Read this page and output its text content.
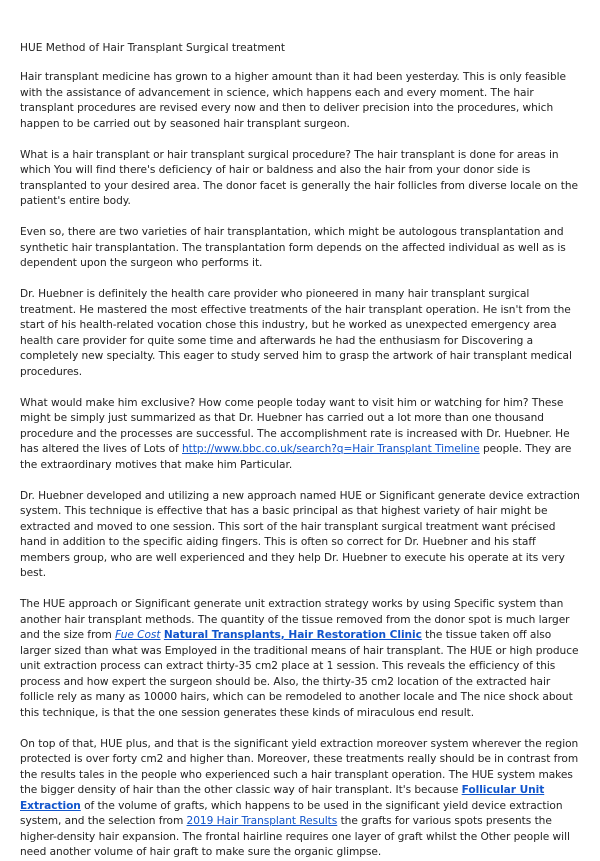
HUE Method of Hair Transplant Surgical treatment

Hair transplant medicine has grown to a higher amount than it had been yesterday. This is only feasible with the assistance of advancement in science, which happens each and every moment. The hair transplant procedures are revised every now and then to deliver precision into the procedures, which happen to be carried out by seasoned hair transplant surgeon.

What is a hair transplant or hair transplant surgical procedure? The hair transplant is done for areas in which You will find there's deficiency of hair or baldness and also the hair from your donor side is transplanted to your desired area. The donor facet is generally the hair follicles from diverse locale on the patient's entire body.

Even so, there are two varieties of hair transplantation, which might be autologous transplantation and synthetic hair transplantation. The transplantation form depends on the affected individual as well as is dependent upon the surgeon who performs it.

Dr. Huebner is definitely the health care provider who pioneered in many hair transplant surgical treatment. He mastered the most effective treatments of the hair transplant operation. He isn't from the start of his health-related vocation chose this industry, but he worked as unexpected emergency area health care provider for quite some time and afterwards he had the enthusiasm for Discovering a completely new specialty. This eager to study served him to grasp the artwork of hair transplant medical procedures.

What would make him exclusive? How come people today want to visit him or watching for him? These might be simply just summarized as that Dr. Huebner has carried out a lot more than one thousand procedure and the processes are successful. The accomplishment rate is increased with Dr. Huebner. He has altered the lives of Lots of http://www.bbc.co.uk/search?q=Hair Transplant Timeline people. They are the extraordinary motives that make him Particular.

Dr. Huebner developed and utilizing a new approach named HUE or Significant generate device extraction system. This technique is effective that has a basic principal as that highest variety of hair might be extracted and moved to one session. This sort of the hair transplant surgical treatment want précised hand in addition to the specific aiding fingers. This is often so correct for Dr. Huebner and his staff members group, who are well experienced and they help Dr. Huebner to execute his operate at its very best.

The HUE approach or Significant generate unit extraction strategy works by using Specific system than another hair transplant methods. The quantity of the tissue removed from the donor spot is much larger and the size from Fue Cost Natural Transplants, Hair Restoration Clinic the tissue taken off also larger sized than what was Employed in the traditional means of hair transplant. The HUE or high produce unit extraction process can extract thirty-35 cm2 place at 1 session. This reveals the efficiency of this process and how expert the surgeon should be. Also, the thirty-35 cm2 location of the extracted hair follicle rely as many as 10000 hairs, which can be remodeled to another locale and The nice shock about this technique, is that the one session generates these kinds of miraculous end result.

On top of that, HUE plus, and that is the significant yield extraction moreover system wherever the region protected is over forty cm2 and higher than. Moreover, these treatments really should be in contrast from the results tales in the people who experienced such a hair transplant operation. The HUE system makes the bigger density of hair than the other classic way of hair transplant. It's because Follicular Unit Extraction of the volume of grafts, which happens to be used in the significant yield device extraction system, and the selection from 2019 Hair Transplant Results the grafts for various spots presents the higher-density hair expansion. The frontal hairline requires one layer of graft whilst the Other people will need another volume of hair graft to make sure the organic glimpse.
